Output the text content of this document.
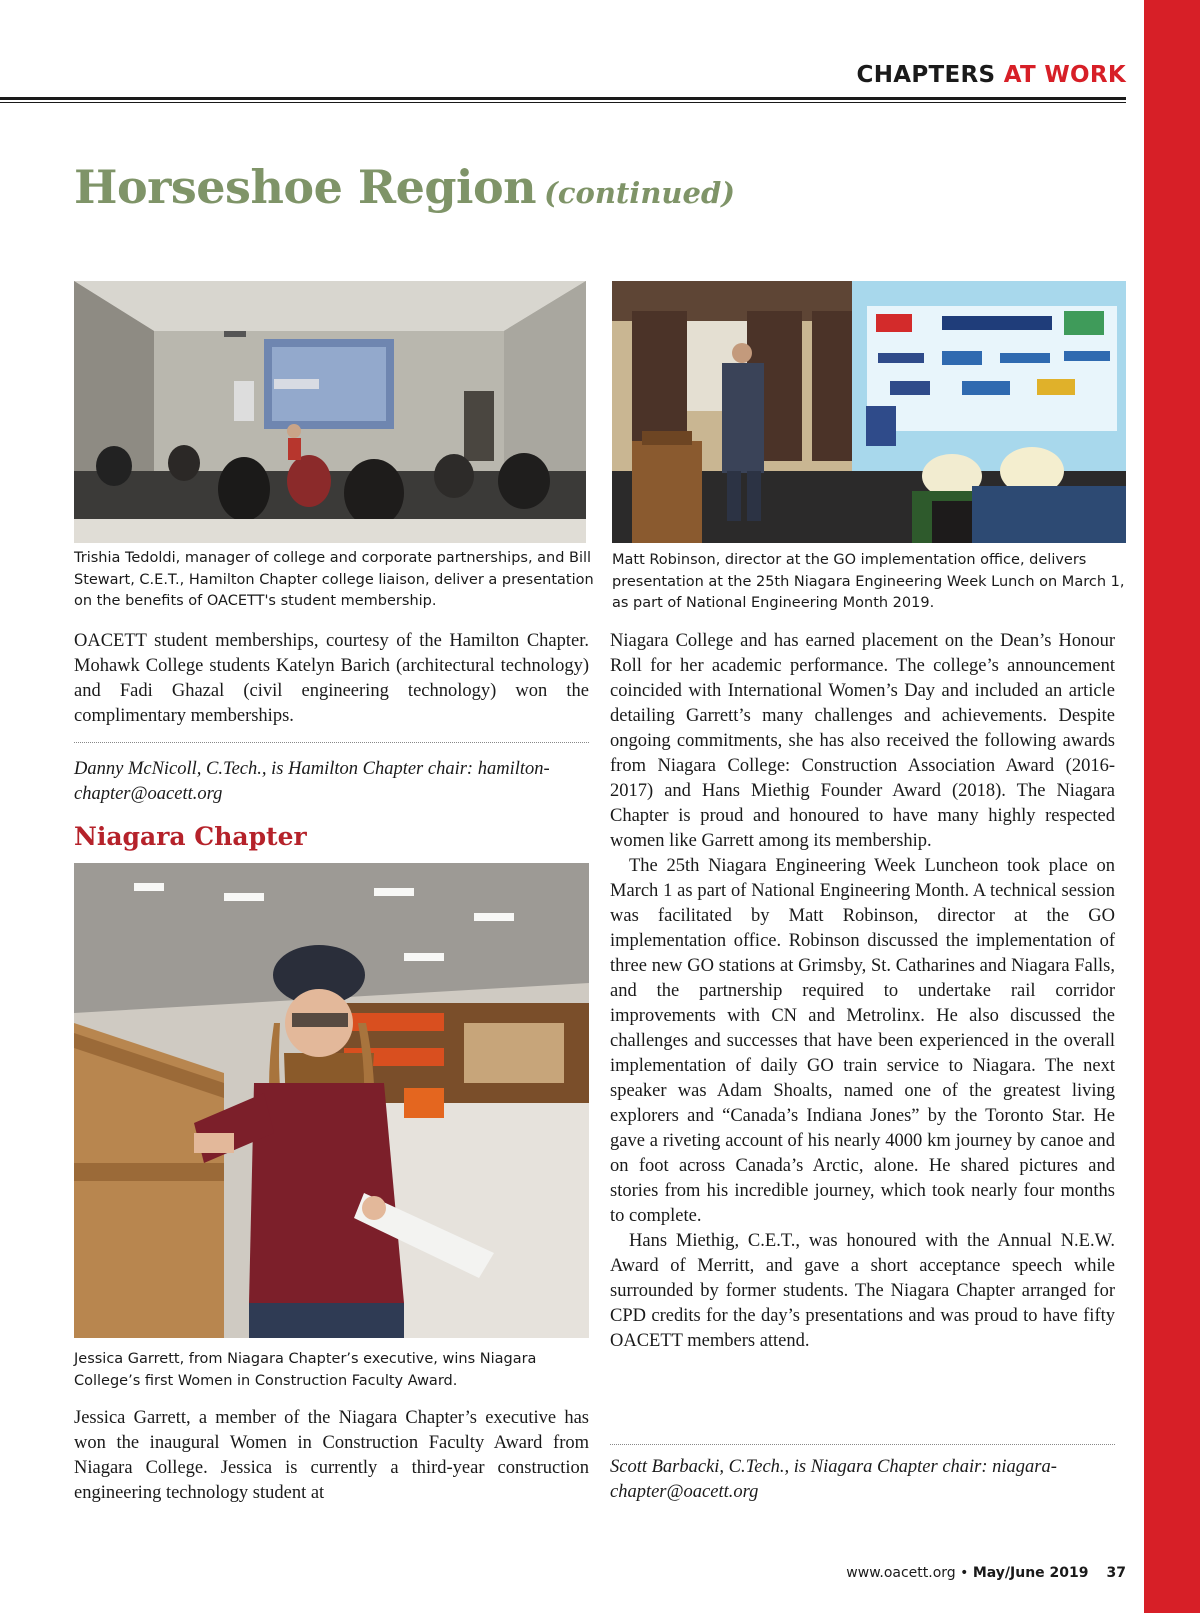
CHAPTERS AT WORK
Horseshoe Region (continued)
Trishia Tedoldi, manager of college and corporate partnerships, and Bill Stewart, C.E.T., Hamilton Chapter college liaison, deliver a presentation on the benefits of OACETT's student membership.
Matt Robinson, director at the GO implementation office, delivers presentation at the 25th Niagara Engineering Week Lunch on March 1, as part of National Engineering Month 2019.

OACETT student memberships, courtesy of the Hamilton Chapter. Mohawk College students Katelyn Barich (architectural technology) and Fadi Ghazal (civil engineering technology) won the complimentary memberships.

Danny McNicoll, C.Tech., is Hamilton Chapter chair: hamilton-chapter@oacett.org
Niagara Chapter
Jessica Garrett, from Niagara Chapter’s executive, wins Niagara College’s first Women in Construction Faculty Award.

Jessica Garrett, a member of the Niagara Chapter’s executive has won the inaugural Women in Construction Faculty Award from Niagara College. Jessica is currently a third-year construction engineering technology student at

Niagara College and has earned placement on the Dean’s Honour Roll for her academic performance. The college’s announcement coincided with International Women’s Day and included an article detailing Garrett’s many challenges and achievements. Despite ongoing commitments, she has also received the following awards from Niagara College: Construction Association Award (2016-2017) and Hans Miethig Founder Award (2018). The Niagara Chapter is proud and honoured to have many highly respected women like Garrett among its membership.

The 25th Niagara Engineering Week Luncheon took place on March 1 as part of National Engineering Month. A technical session was facilitated by Matt Robinson, director at the GO implementation office. Robinson discussed the implementation of three new GO stations at Grimsby, St. Catharines and Niagara Falls, and the partnership required to undertake rail corridor improvements with CN and Metrolinx. He also discussed the challenges and successes that have been experienced in the overall implementation of daily GO train service to Niagara. The next speaker was Adam Shoalts, named one of the greatest living explorers and “Canada’s Indiana Jones” by the Toronto Star. He gave a riveting account of his nearly 4000 km journey by canoe and on foot across Canada’s Arctic, alone. He shared pictures and stories from his incredible journey, which took nearly four months to complete.

Hans Miethig, C.E.T., was honoured with the Annual N.E.W. Award of Merritt, and gave a short acceptance speech while surrounded by former students. The Niagara Chapter arranged for CPD credits for the day’s presentations and was proud to have fifty OACETT members attend.

Scott Barbacki, C.Tech., is Niagara Chapter chair: niagara-chapter@oacett.org
www.oacett.org • May/June 2019 37
